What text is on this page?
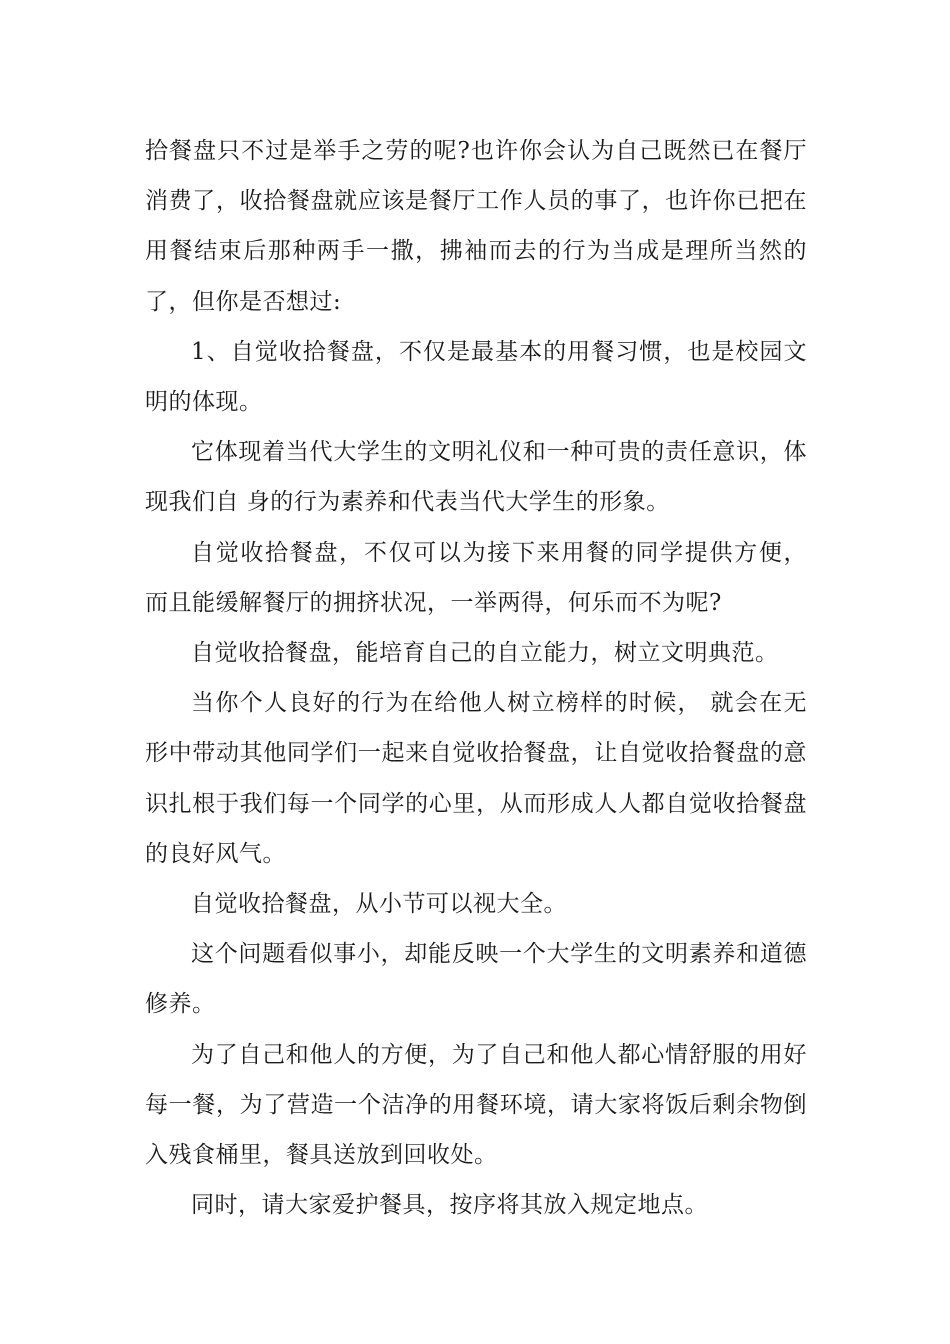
拾餐盘只不过是举手之劳的呢?也许你会认为自己既然已在餐厅消费了，收拾餐盘就应该是餐厅工作人员的事了，也许你已把在用餐结束后那种两手一撒，拂袖而去的行为当成是理所当然的了，但你是否想过:

1、自觉收拾餐盘，不仅是最基本的用餐习惯，也是校园文明的体现。

它体现着当代大学生的文明礼仪和一种可贵的责任意识，体现我们自 身的行为素养和代表当代大学生的形象。

自觉收拾餐盘，不仅可以为接下来用餐的同学提供方便， 而且能缓解餐厅的拥挤状况，一举两得，何乐而不为呢?

自觉收拾餐盘，能培育自己的自立能力，树立文明典范。

当你个人良好的行为在给他人树立榜样的时候， 就会在无形中带动其他同学们一起来自觉收拾餐盘，让自觉收拾餐盘的意识扎根于我们每一个同学的心里，从而形成人人都自觉收拾餐盘的良好风气。

自觉收拾餐盘，从小节可以视大全。

这个问题看似事小，却能反映一个大学生的文明素养和道德修养。

为了自己和他人的方便，为了自己和他人都心情舒服的用好每一餐，为了营造一个洁净的用餐环境，请大家将饭后剩余物倒入残食桶里，餐具送放到回收处。

同时，请大家爱护餐具，按序将其放入规定地点。
